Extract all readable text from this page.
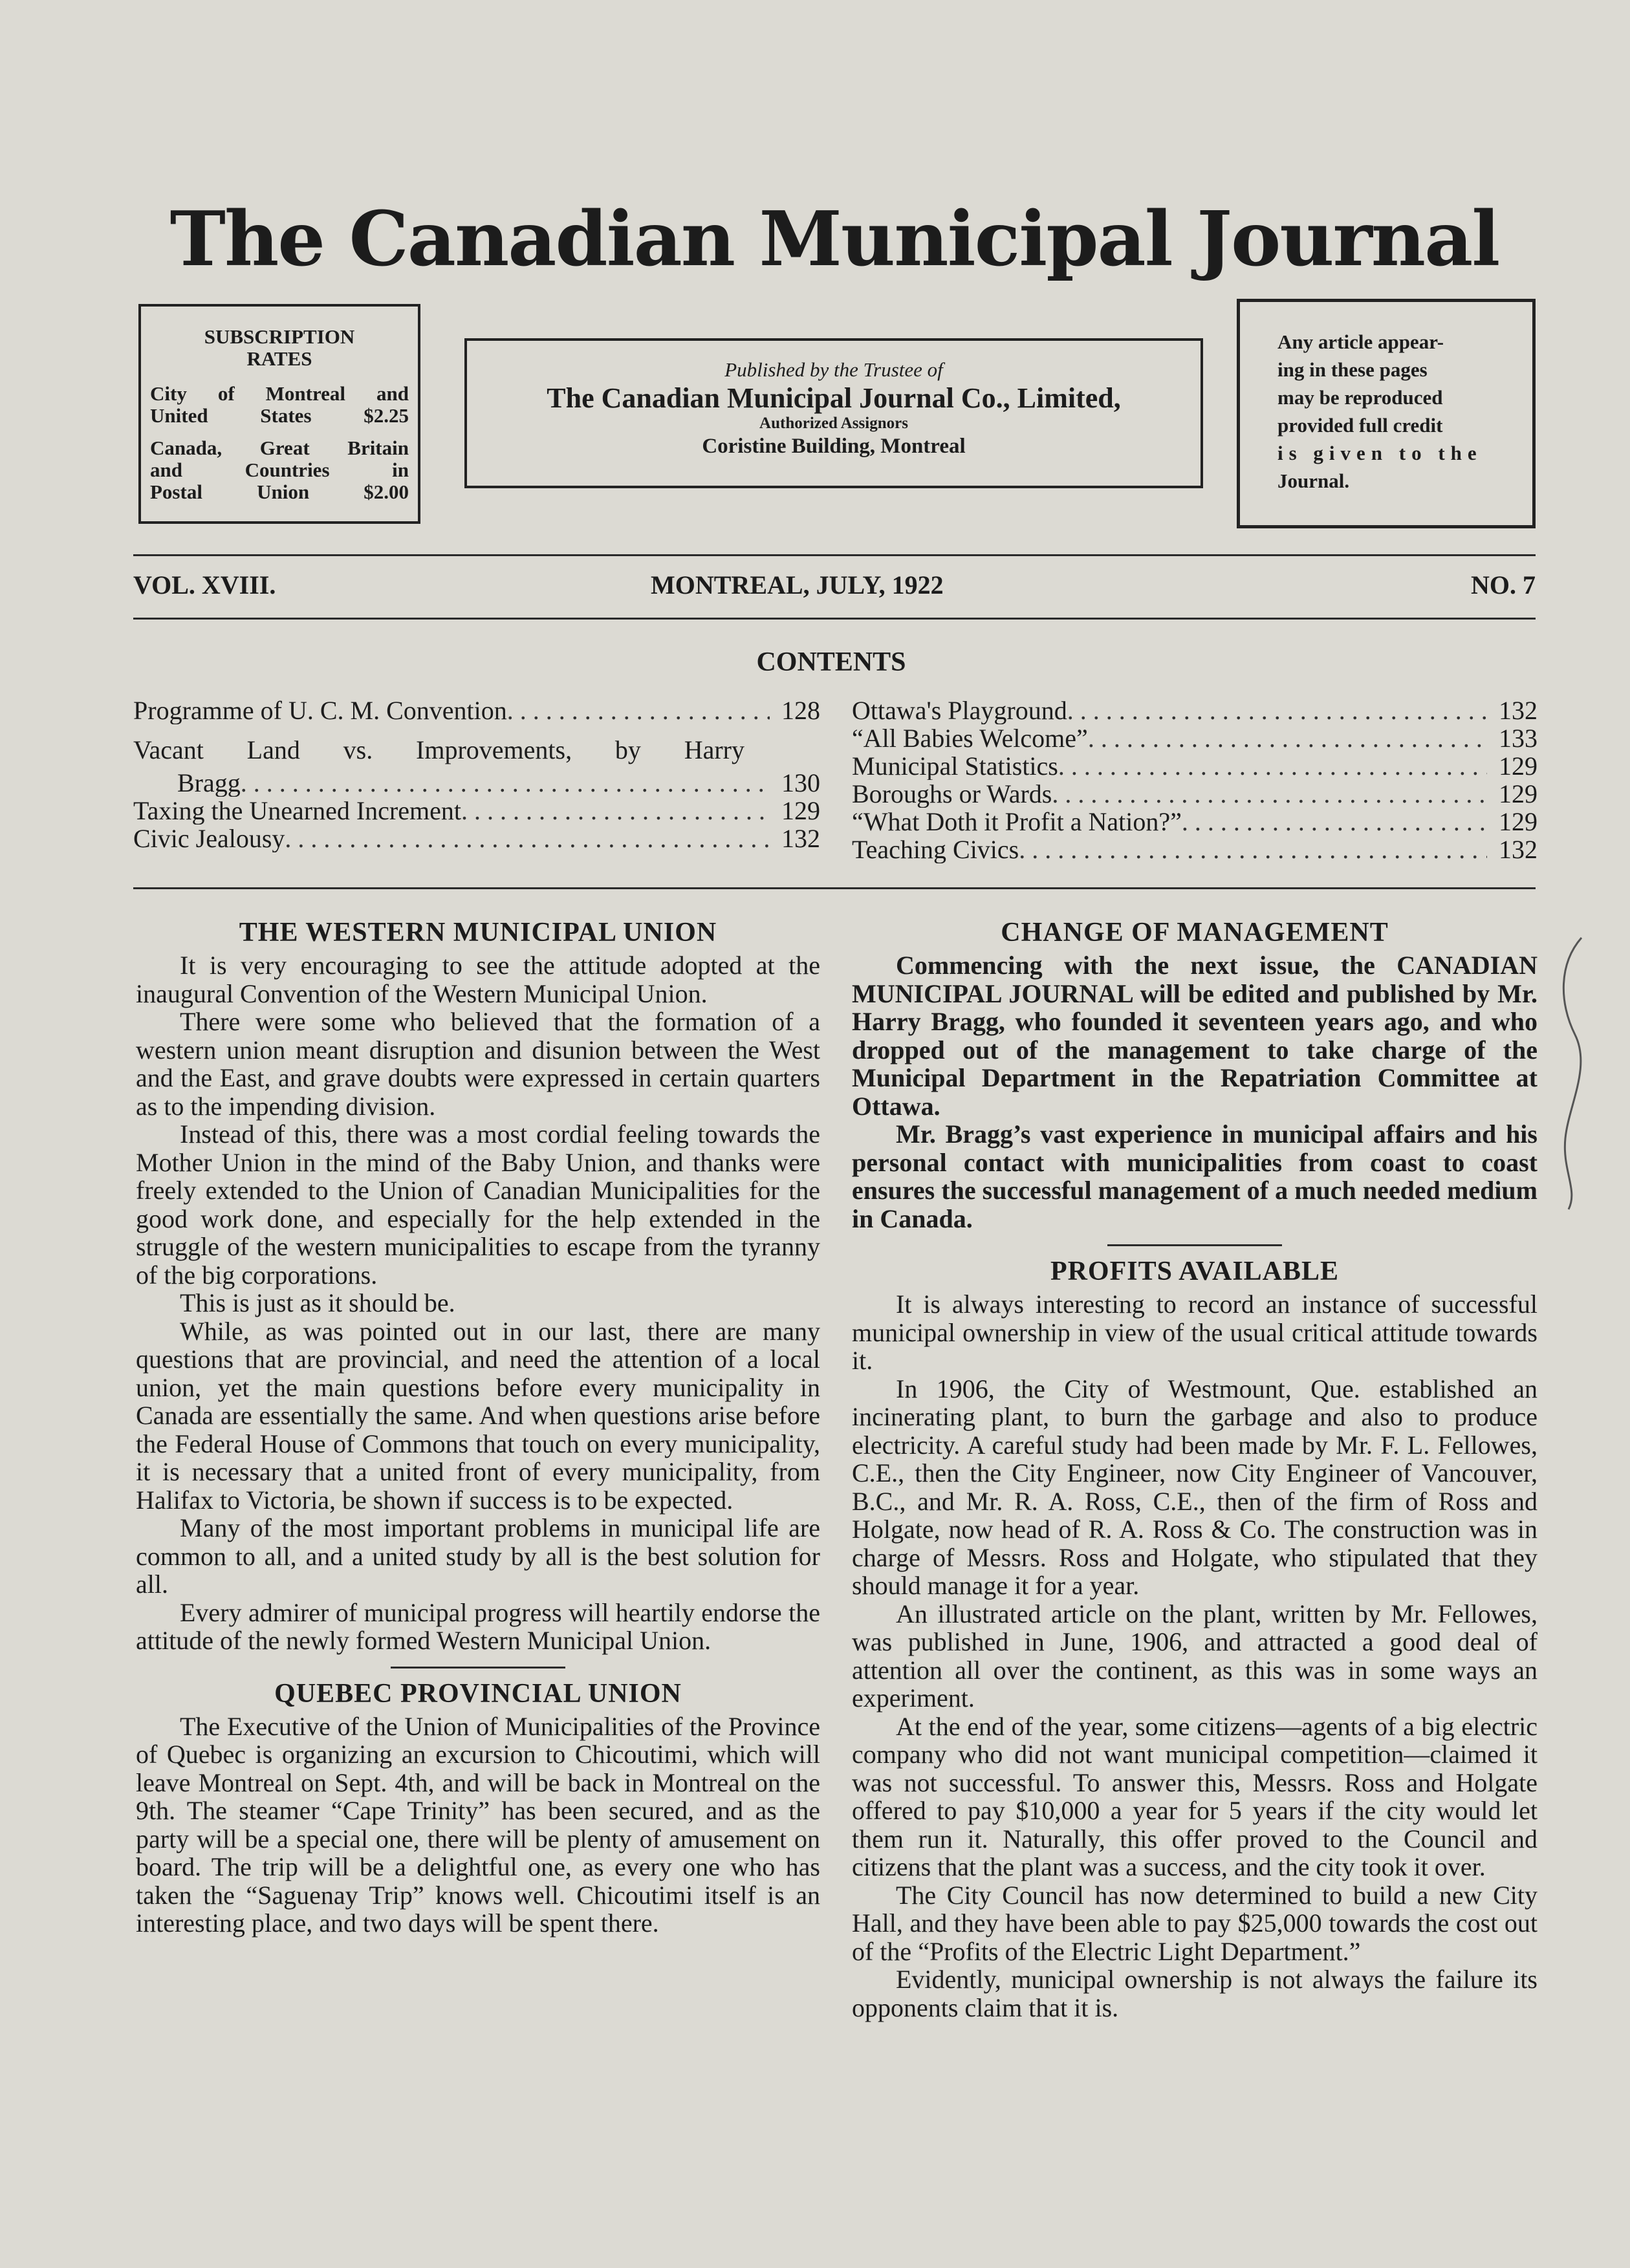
The Canadian Municipal Journal
SUBSCRIPTION
RATES
City of Montreal and
United States $2.25
Canada, Great Britain
and Countries in
Postal Union $2.00
Published by the Trustee of
The Canadian Municipal Journal Co., Limited,
Authorized Assignors
Coristine Building, Montreal
Any article appear-
ing in these pages
may be reproduced
provided full credit
is given to the
Journal.
VOL. XVIII.	MONTREAL, JULY, 1922	NO. 7
CONTENTS
Programme of U. C. M. Convention . . .	128
Vacant Land vs. Improvements, by Harry
Bragg . . .	130
Taxing the Unearned Increment . . .	129
Civic Jealousy . . .	132
Ottawa's Playground . . .	132
“All Babies Welcome” . . .	133
Municipal Statistics . . .	129
Boroughs or Wards . . .	129
“What Doth it Profit a Nation?” . . .	129
Teaching Civics . . .	132
THE WESTERN MUNICIPAL UNION

It is very encouraging to see the attitude adopted at the inaugural Convention of the Western Municipal Union.

There were some who believed that the formation of a western union meant disruption and disunion between the West and the East, and grave doubts were expressed in certain quarters as to the impending division.

Instead of this, there was a most cordial feeling towards the Mother Union in the mind of the Baby Union, and thanks were freely extended to the Union of Canadian Municipalities for the good work done, and especially for the help extended in the struggle of the western municipalities to escape from the tyranny of the big corporations.

This is just as it should be.

While, as was pointed out in our last, there are many questions that are provincial, and need the attention of a local union, yet the main questions before every municipality in Canada are essentially the same. And when questions arise before the Federal House of Commons that touch on every municipality, it is necessary that a united front of every municipality, from Halifax to Victoria, be shown if success is to be expected.

Many of the most important problems in municipal life are common to all, and a united study by all is the best solution for all.

Every admirer of municipal progress will heartily endorse the attitude of the newly formed Western Municipal Union.

QUEBEC PROVINCIAL UNION

The Executive of the Union of Municipalities of the Province of Quebec is organizing an excursion to Chicoutimi, which will leave Montreal on Sept. 4th, and will be back in Montreal on the 9th. The steamer “Cape Trinity” has been secured, and as the party will be a special one, there will be plenty of amusement on board. The trip will be a delightful one, as every one who has taken the “Saguenay Trip” knows well. Chicoutimi itself is an interesting place, and two days will be spent there.

CHANGE OF MANAGEMENT

Commencing with the next issue, the CANADIAN MUNICIPAL JOURNAL will be edited and published by Mr. Harry Bragg, who founded it seventeen years ago, and who dropped out of the management to take charge of the Municipal Department in the Repatriation Committee at Ottawa.

Mr. Bragg’s vast experience in municipal affairs and his personal contact with municipalities from coast to coast ensures the successful management of a much needed medium in Canada.

PROFITS AVAILABLE

It is always interesting to record an instance of successful municipal ownership in view of the usual critical attitude towards it.

In 1906, the City of Westmount, Que. established an incinerating plant, to burn the garbage and also to produce electricity. A careful study had been made by Mr. F. L. Fellowes, C.E., then the City Engineer, now City Engineer of Vancouver, B.C., and Mr. R. A. Ross, C.E., then of the firm of Ross and Holgate, now head of R. A. Ross & Co. The construction was in charge of Messrs. Ross and Holgate, who stipulated that they should manage it for a year.

An illustrated article on the plant, written by Mr. Fellowes, was published in June, 1906, and attracted a good deal of attention all over the continent, as this was in some ways an experiment.

At the end of the year, some citizens—agents of a big electric company who did not want municipal competition—claimed it was not successful. To answer this, Messrs. Ross and Holgate offered to pay $10,000 a year for 5 years if the city would let them run it. Naturally, this offer proved to the Council and citizens that the plant was a success, and the city took it over.

The City Council has now determined to build a new City Hall, and they have been able to pay $25,000 towards the cost out of the “Profits of the Electric Light Department.”

Evidently, municipal ownership is not always the failure its opponents claim that it is.
